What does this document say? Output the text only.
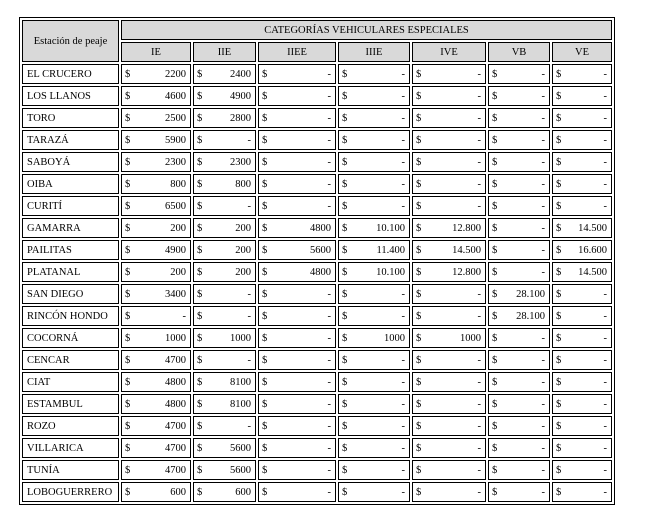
Estación de peaje	CATEGORÍAS VEHICULARES ESPECIALES						
	IE	IIE	IIEE	IIIE	IVE	VB	VE
EL CRUCERO	$ 2200	$ 2400	$ -	$ -	$ -	$ -	$ -

LOS LLANOS	$ 4600	$ 4900	$ -	$ -	$ -	$ -	$ -

TORO	$ 2500	$ 2800	$ -	$ -	$ -	$ -	$ -

TARAZÁ	$ 5900	$ -	$ -	$ -	$ -	$ -	$ -

SABOYÁ	$ 2300	$ 2300	$ -	$ -	$ -	$ -	$ -

OIBA	$ 800	$ 800	$ -	$ -	$ -	$ -	$ -

CURITÍ	$ 6500	$ -	$ -	$ -	$ -	$ -	$ -

GAMARRA	$ 200	$ 200	$ 4800	$ 10.100	$ 12.800	$ -	$ 14.500

PAILITAS	$ 4900	$ 200	$ 5600	$ 11.400	$ 14.500	$ -	$ 16.600

PLATANAL	$ 200	$ 200	$ 4800	$ 10.100	$ 12.800	$ -	$ 14.500

SAN DIEGO	$ 3400	$ -	$ -	$ -	$ -	$ 28.100	$ -

RINCÓN HONDO	$ -	$ -	$ -	$ -	$ -	$ 28.100	$ -

COCORNÁ	$ 1000	$ 1000	$ -	$ 1000	$ 1000	$ -	$ -

CENCAR	$ 4700	$ -	$ -	$ -	$ -	$ -	$ -

CIAT	$ 4800	$ 8100	$ -	$ -	$ -	$ -	$ -

ESTAMBUL	$ 4800	$ 8100	$ -	$ -	$ -	$ -	$ -

ROZO	$ 4700	$ -	$ -	$ -	$ -	$ -	$ -

VILLARICA	$ 4700	$ 5600	$ -	$ -	$ -	$ -	$ -

TUNÍA	$ 4700	$ 5600	$ -	$ -	$ -	$ -	$ -

LOBOGUERRERO	$ 600	$ 600	$ -	$ -	$ -	$ -	$ -
